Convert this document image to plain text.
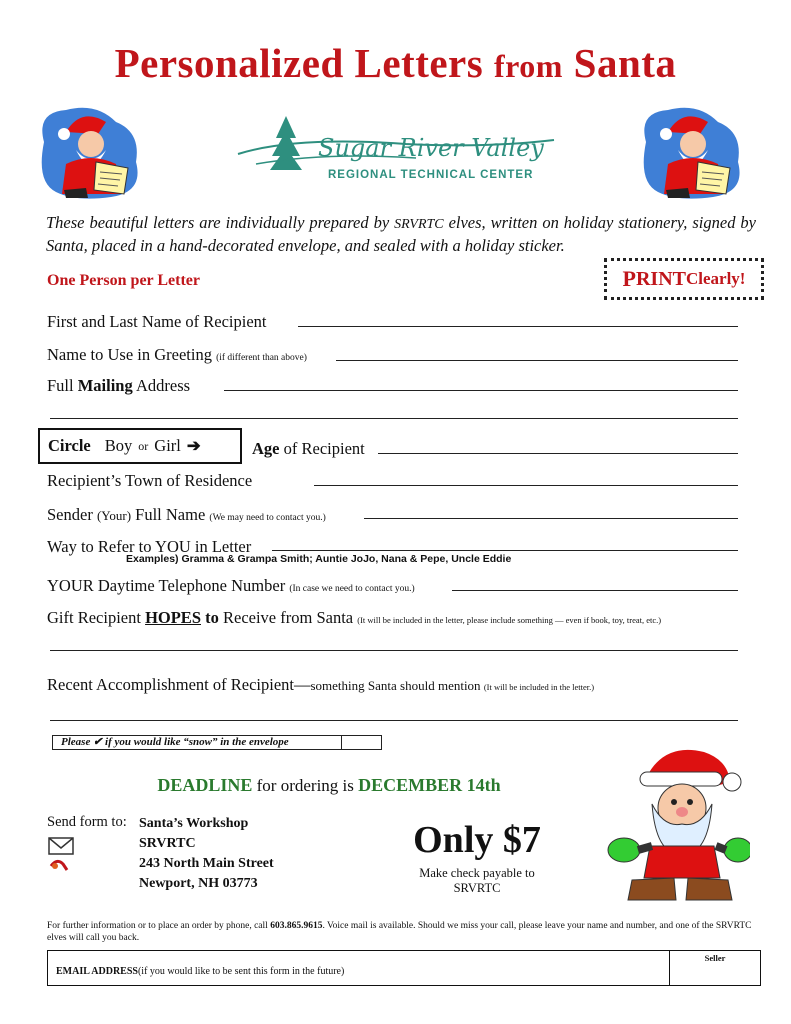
Personalized Letters from Santa
Sugar River Valley
REGIONAL TECHNICAL CENTER
These beautiful letters are individually prepared by SRVRTC elves, written on holiday stationery, signed by Santa, placed in a hand-decorated envelope, and sealed with a holiday sticker.
One Person per Letter	P RINT Clearly!
First and Last Name of Recipient
Name to Use in Greeting (if different than above)
Full Mailing Address
Circle Boy or Girl ➔	Age of Recipient
Recipient’s Town of Residence
Sender (Your) Full Name (We may need to contact you.)
Way to Refer to YOU in Letter
Examples) Gramma & Grampa Smith; Auntie JoJo, Nana & Pepe, Uncle Eddie
YOUR Daytime Telephone Number (In case we need to contact you.)
Gift Recipient HOPES to Receive from Santa (It will be included in the letter, please include something — even if book, toy, treat, etc.)
Recent Accomplishment of Recipient—something Santa should mention (It will be included in the letter.)
Please ✔ if you would like “snow” in the envelope
DEADLINE for ordering is DECEMBER 14th
Send form to: Santa’s Workshop
SRVRTC
243 North Main Street
Newport, NH 03773
Only $7
Make check payable to
SRVRTC
For further information or to place an order by phone, call 603.865.9615. Voice mail is available. Should we miss your call, please leave your name and number, and one of the SRVRTC elves will call you back.
EMAIL ADDRESS (if you would like to be sent this form in the future)
Seller
